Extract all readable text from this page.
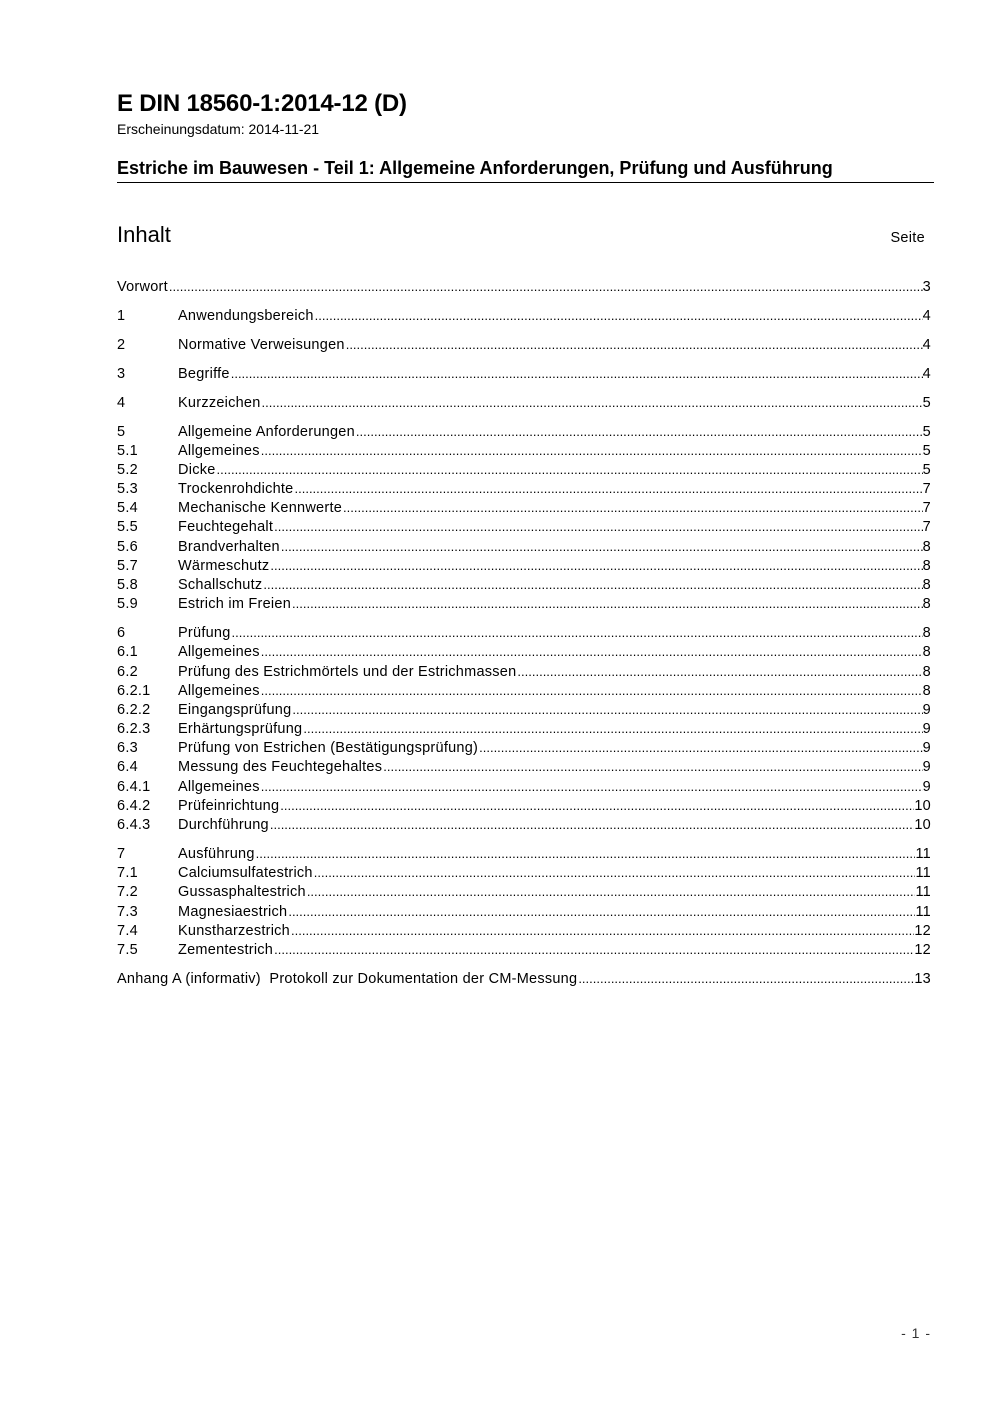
E DIN 18560-1:2014-12 (D)
Erscheinungsdatum: 2014-11-21
Estriche im Bauwesen - Teil 1: Allgemeine Anforderungen, Prüfung und Ausführung
Inhalt	Seite
Vorwort .....	3
1	Anwendungsbereich .....	4
2	Normative Verweisungen .....	4
3	Begriffe .....	4
4	Kurzzeichen .....	5
5	Allgemeine Anforderungen .....	5
5.1	Allgemeines .....	5
5.2	Dicke .....	5
5.3	Trockenrohdichte .....	7
5.4	Mechanische Kennwerte .....	7
5.5	Feuchtegehalt .....	7
5.6	Brandverhalten .....	8
5.7	Wärmeschutz .....	8
5.8	Schallschutz .....	8
5.9	Estrich im Freien .....	8
6	Prüfung .....	8
6.1	Allgemeines .....	8
6.2	Prüfung des Estrichmörtels und der Estrichmassen .....	8
6.2.1	Allgemeines .....	8
6.2.2	Eingangsprüfung .....	9
6.2.3	Erhärtungsprüfung .....	9
6.3	Prüfung von Estrichen (Bestätigungsprüfung) .....	9
6.4	Messung des Feuchtegehaltes .....	9
6.4.1	Allgemeines .....	9
6.4.2	Prüfeinrichtung .....	10
6.4.3	Durchführung .....	10
7	Ausführung .....	11
7.1	Calciumsulfatestrich .....	11
7.2	Gussasphaltestrich .....	11
7.3	Magnesiaestrich .....	11
7.4	Kunstharzestrich .....	12
7.5	Zementestrich .....	12
Anhang A (informativ)  Protokoll zur Dokumentation der CM-Messung .....	13
- 1 -
